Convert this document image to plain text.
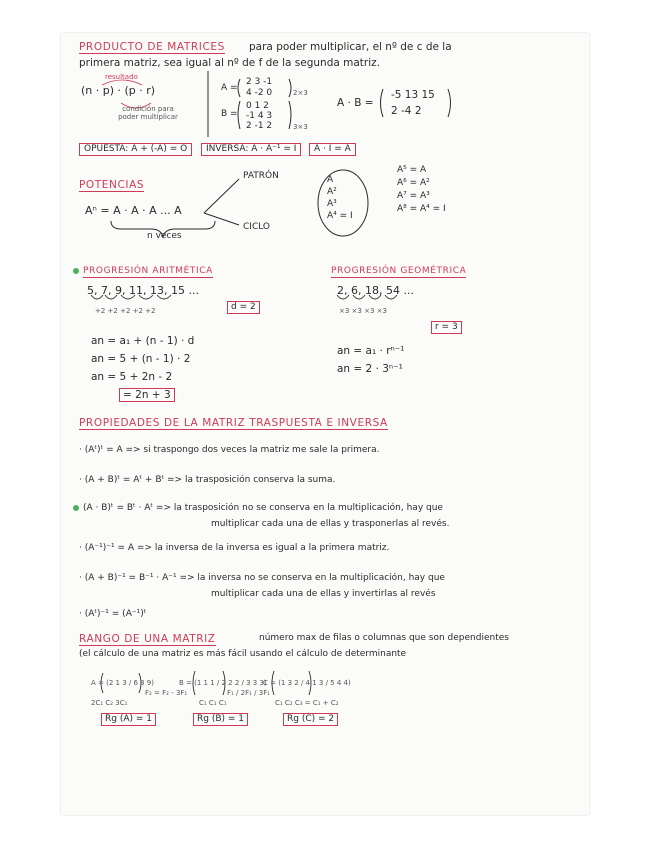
PRODUCTO DE MATRICES para poder multiplicar, el nº de c de la
primera matriz, sea igual al nº de f de la segunda matriz.
resultado
(n · p) · (p · r)
condición para poder multiplicar
A =
2 3 -1
4 -2 0	2×3
B =
0 1 2
-1 4 3
2 -1 2	3×3
A · B =
-5 13 15
2 -4 2
OPUESTA: A + (-A) = O	INVERSA: A · A⁻¹ = I	A · I = A
POTENCIAS
Aⁿ = A · A · A ... A
n veces
PATRÓN
CICLO
A
A²
A³
A⁴ = I
A⁵ = A
A⁶ = A²
A⁷ = A³
A⁸ = A⁴ = I
PROGRESIÓN ARITMÉTICA
5, 7, 9, 11, 13, 15 ...
+2 +2 +2 +2 +2	d = 2
an = a₁ + (n - 1) · d
an = 5 + (n - 1) · 2
an = 5 + 2n - 2
= 2n + 3
PROGRESIÓN GEOMÉTRICA
2, 6, 18, 54 ...
×3 ×3 ×3 ×3
r = 3
an = a₁ · rⁿ⁻¹
an = 2 · 3ⁿ⁻¹
PROPIEDADES DE LA MATRIZ TRASPUESTA E INVERSA
· (Aᵗ)ᵗ = A => si traspongo dos veces la matriz me sale la primera.
· (A + B)ᵗ = Aᵗ + Bᵗ => la trasposición conserva la suma.
(A · B)ᵗ = Bᵗ · Aᵗ => la trasposición no se conserva en la multiplicación, hay que
multiplicar cada una de ellas y trasponerlas al revés.
· (A⁻¹)⁻¹ = A => la inversa de la inversa es igual a la primera matriz.
· (A + B)⁻¹ = B⁻¹ · A⁻¹ => la inversa no se conserva en la multiplicación, hay que
multiplicar cada una de ellas y invertirlas al revés
· (Aᵗ)⁻¹ = (A⁻¹)ᵗ
RANGO DE UNA MATRIZ	número max de filas o columnas que son dependientes
(el cálculo de una matriz es más fácil usando el cálculo de determinante
A = (2 1 3 / 6 3 9)
F₂ = F₂ - 3F₁
2C₁ C₂ 3C₁
B = (1 1 1 / 2 2 2 / 3 3 3)
F₁ / 2F₁ / 3F₁
C₁ C₁ C₁
C = (1 3 2 / 4 1 3 / 5 4 4)
C₁ C₂ C₃ = C₁ + C₂
Rg (A) = 1	Rg (B) = 1	Rg (C) = 2
